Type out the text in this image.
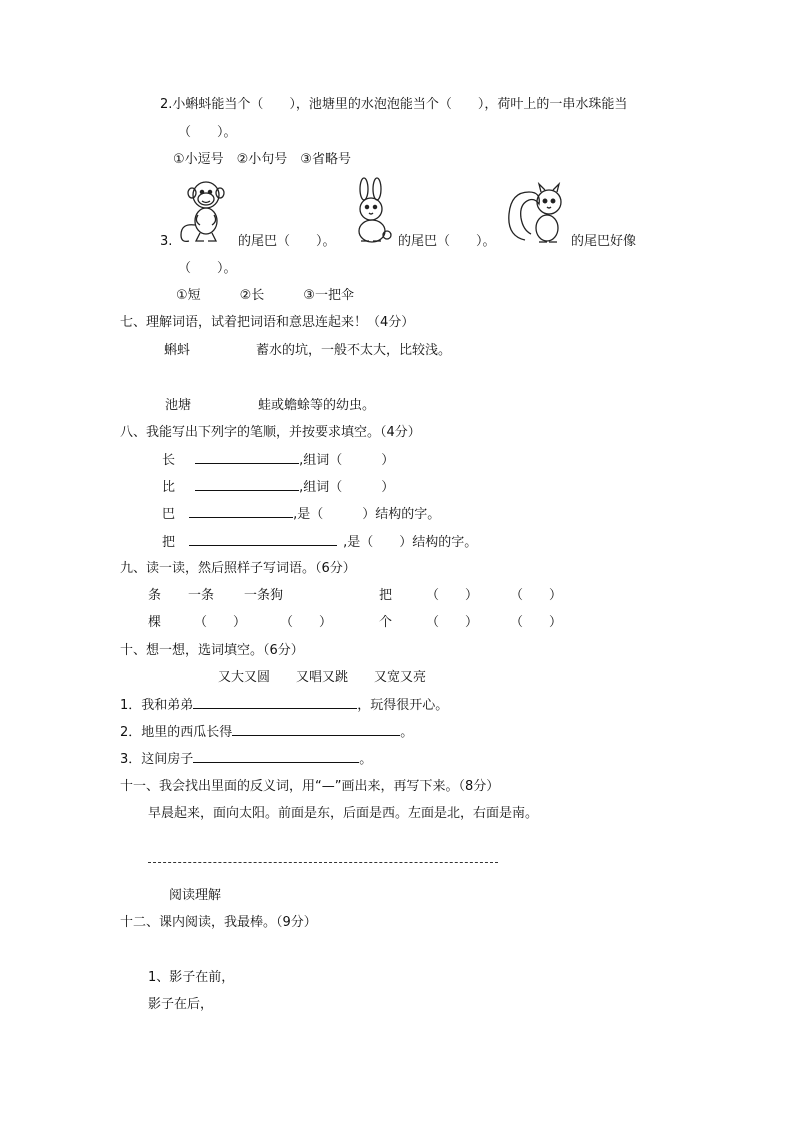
2.小蝌蚪能当个（　　），池塘里的水泡泡能当个（　　），荷叶上的一串水珠能当
（　　）。
①小逗号　②小句号　③省略号
3.	的尾巴（　　）。	的尾巴（　　）。	的尾巴好像
（　　）。
①短　　　②长　　　③一把伞
七、理解词语，试着把词语和意思连起来！（4分）
蝌蚪	蓄水的坑，一般不太大，比较浅。
池塘	蛙或蟾蜍等的幼虫。
八、我能写出下列字的笔顺，并按要求填空。（4分）
长	,组词（　　　）
比	,组词（　　　）
巴	,是（　　　）结构的字。
把	,是（　　）结构的字。
九、读一读，然后照样子写词语。（6分）
条 一条 一条狗	把	（　　） （　　）
棵	（　　）	（　　）	个	（　　） （　　）
十、想一想，选词填空。（6分）
又大又圆　　又唱又跳　　又宽又亮
1．我和弟弟	，玩得很开心。
2．地里的西瓜长得	。
3．这间房子	。
十一、我会找出里面的反义词，用“—”画出来，再写下来。（8分）
早晨起来，面向太阳。前面是东，后面是西。左面是北，右面是南。
阅读理解
十二、课内阅读，我最棒。（9分）
1、影子在前，
影子在后，
